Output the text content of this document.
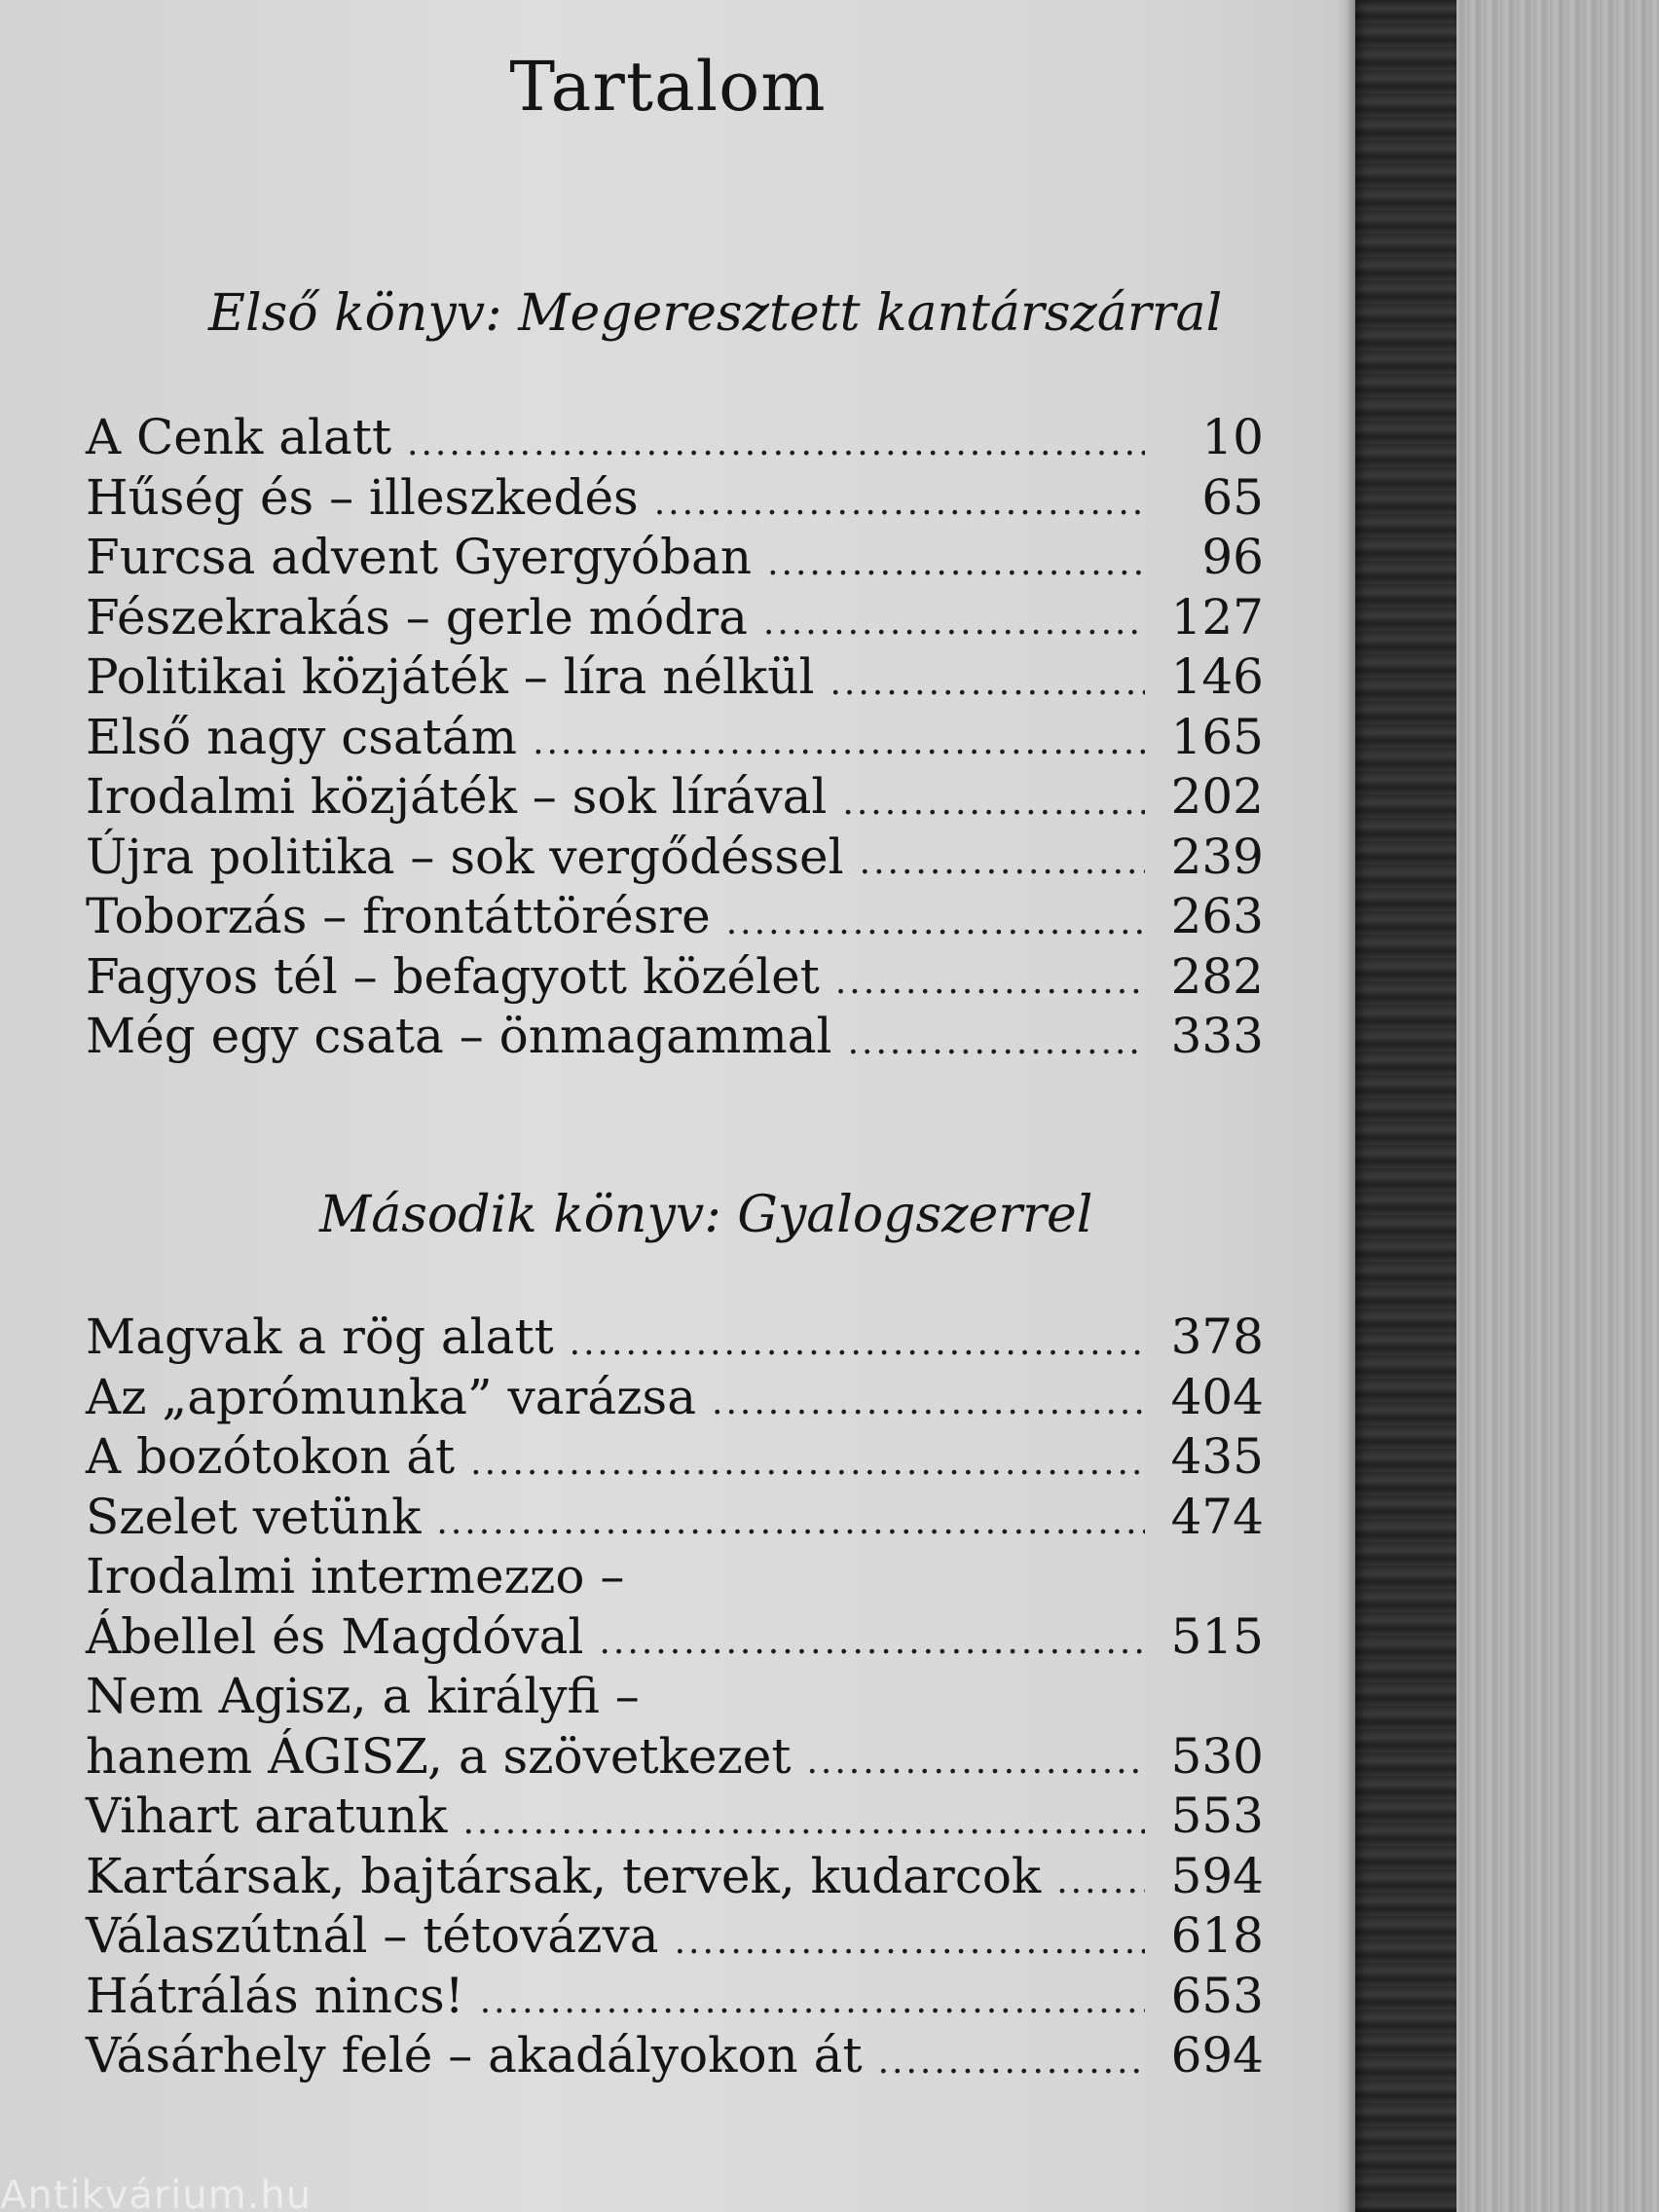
Tartalom
Első könyv: Megeresztett kantárszárral
A Cenk alatt .....	10
Hűség és – illeszkedés .....	65
Furcsa advent Gyergyóban .....	96
Fészekrakás – gerle módra .....	127
Politikai közjáték – líra nélkül .....	146
Első nagy csatám .....	165
Irodalmi közjáték – sok lírával .....	202
Újra politika – sok vergődéssel .....	239
Toborzás – frontáttörésre .....	263
Fagyos tél – befagyott közélet .....	282
Még egy csata – önmagammal .....	333
Második könyv: Gyalogszerrel
Magvak a rög alatt .....	378
Az „aprómunka” varázsa .....	404
A bozótokon át .....	435
Szelet vetünk .....	474
Irodalmi intermezzo –
Ábellel és Magdóval .....	515
Nem Agisz, a királyfi –
hanem ÁGISZ, a szövetkezet .....	530
Vihart aratunk .....	553
Kartársak, bajtársak, tervek, kudarcok .....	594
Válaszútnál – tétovázva .....	618
Hátrálás nincs! .....	653
Vásárhely felé – akadályokon át .....	694
Antikvárium.hu
